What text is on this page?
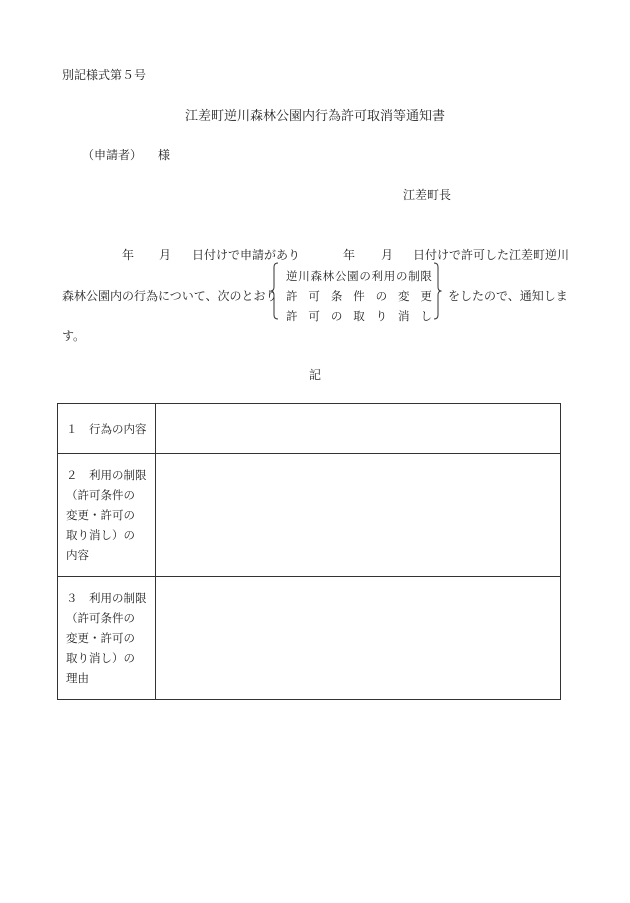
別記様式第５号
江差町逆川森林公園内行為許可取消等通知書
（申請者） 様
江差町長
年 月 日付けで申請があり	年 月 日付けで許可した江差町逆川
森林公園内の行為について、次のとおり
逆 川 森 林 公 園 の 利 用 の 制 限
許 可 条 件 の 変 更
許 可 の 取 り 消 し
をしたので、通知しま
す。
記
１　行為の内容	

２　利用の制限
（許可条件の
変更・許可の
取り消し）の
内容	

３　利用の制限
（許可条件の
変更・許可の
取り消し）の
理由	
